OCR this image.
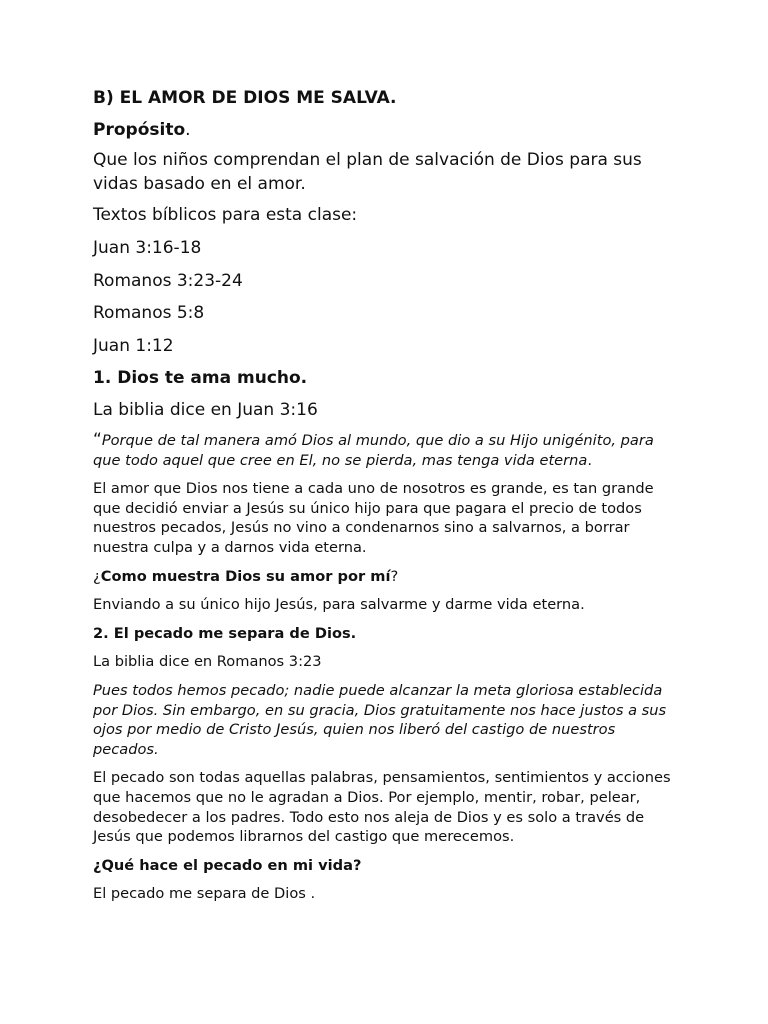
B) EL AMOR DE DIOS ME SALVA.

Propósito.

Que los niños comprendan el plan de salvación de Dios para sus vidas basado en el amor.

Textos bíblicos para esta clase:

Juan 3:16-18

Romanos 3:23-24

Romanos 5:8

Juan 1:12

1. Dios te ama mucho.

La biblia dice en Juan 3:16

“Porque de tal manera amó Dios al mundo, que dio a su Hijo unigénito, para que todo aquel que cree en El, no se pierda, mas tenga vida eterna.

El amor que Dios nos tiene a cada uno de nosotros es grande, es tan grande que decidió enviar a Jesús su único hijo para que pagara el precio de todos nuestros pecados, Jesús no vino a condenarnos sino a salvarnos, a borrar nuestra culpa y a darnos vida eterna.

¿Como muestra Dios su amor por mí?

Enviando a su único hijo Jesús, para salvarme y darme vida eterna.

2. El pecado me separa de Dios.

La biblia dice en Romanos 3:23

Pues todos hemos pecado; nadie puede alcanzar la meta gloriosa establecida por Dios. Sin embargo, en su gracia, Dios gratuitamente nos hace justos a sus ojos por medio de Cristo Jesús, quien nos liberó del castigo de nuestros pecados.

El pecado son todas aquellas palabras, pensamientos, sentimientos y acciones que hacemos que no le agradan a Dios. Por ejemplo, mentir, robar, pelear, desobedecer a los padres. Todo esto nos aleja de Dios y es solo a través de Jesús que podemos librarnos del castigo que merecemos.

¿Qué hace el pecado en mi vida?

El pecado me separa de Dios .
